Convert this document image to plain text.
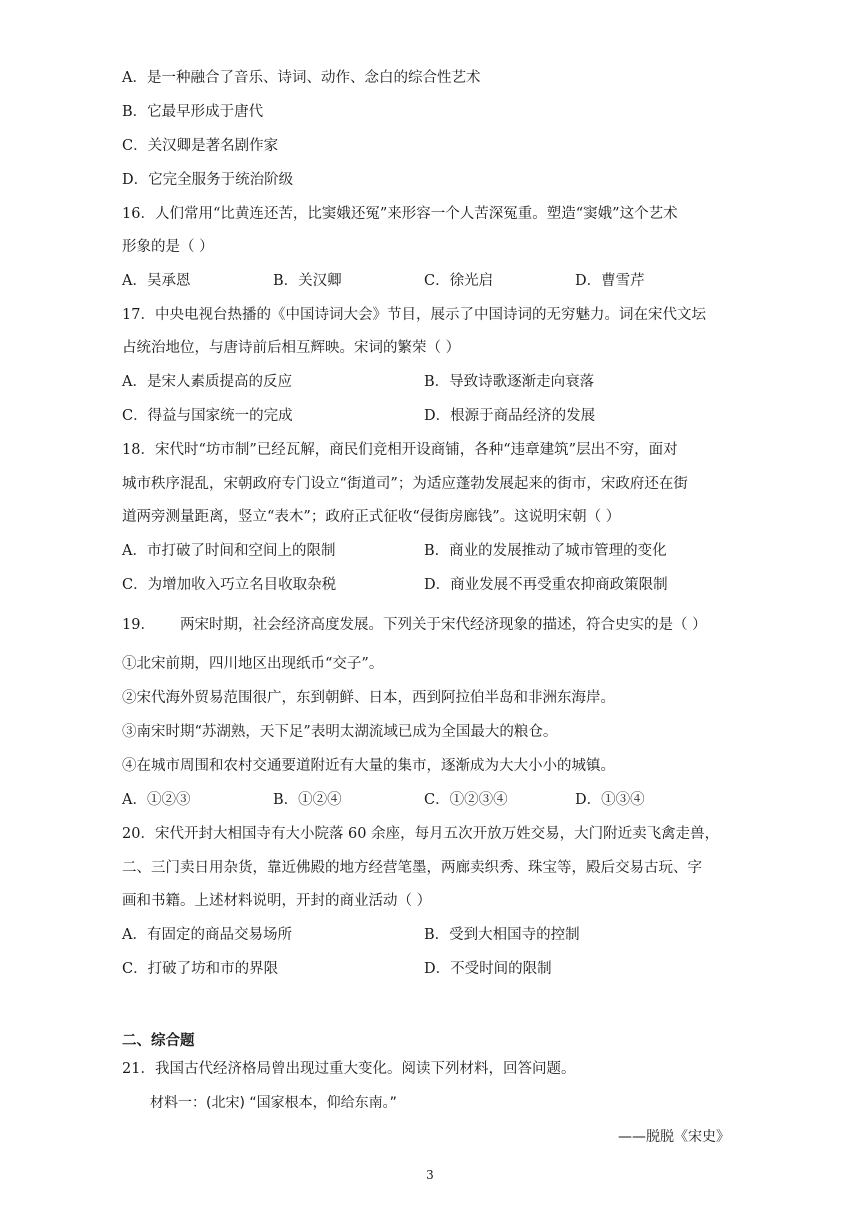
A．是一种融合了音乐、诗词、动作、念白的综合性艺术
B．它最早形成于唐代
C．关汉卿是著名剧作家
D．它完全服务于统治阶级
16．人们常用“比黄连还苦，比窦娥还冤”来形容一个人苦深冤重。塑造“窦娥”这个艺术
形象的是（ ）
A．吴承恩	B．关汉卿	C．徐光启	D．曹雪芹
17．中央电视台热播的《中国诗词大会》节目，展示了中国诗词的无穷魅力。词在宋代文坛
占统治地位，与唐诗前后相互辉映。宋词的繁荣（ ）
A．是宋人素质提高的反应	B．导致诗歌逐渐走向衰落
C．得益与国家统一的完成	D．根源于商品经济的发展
18．宋代时“坊市制”已经瓦解，商民们竞相开设商铺，各种“违章建筑”层出不穷，面对
城市秩序混乱，宋朝政府专门设立“街道司”；为适应蓬勃发展起来的街市，宋政府还在街
道两旁测量距离，竖立“表木”；政府正式征收“侵街房廊钱”。这说明宋朝（ ）
A．市打破了时间和空间上的限制	B．商业的发展推动了城市管理的变化
C．为增加收入巧立名目收取杂税	D．商业发展不再受重农抑商政策限制
19． 两宋时期，社会经济高度发展。下列关于宋代经济现象的描述，符合史实的是（ ）
①北宋前期，四川地区出现纸币“交子”。
②宋代海外贸易范围很广，东到朝鲜、日本，西到阿拉伯半岛和非洲东海岸。
③南宋时期“苏湖熟，天下足”表明太湖流域已成为全国最大的粮仓。
④在城市周围和农村交通要道附近有大量的集市，逐渐成为大大小小的城镇。
A．①②③	B．①②④	C．①②③④	D．①③④
20．宋代开封大相国寺有大小院落 60 余座，每月五次开放万姓交易，大门附近卖飞禽走兽，
二、三门卖日用杂货，靠近佛殿的地方经营笔墨，两廊卖织秀、珠宝等，殿后交易古玩、字
画和书籍。上述材料说明，开封的商业活动（ ）
A．有固定的商品交易场所	B．受到大相国寺的控制
C．打破了坊和市的界限	D．不受时间的限制
二、综合题
21．我国古代经济格局曾出现过重大变化。阅读下列材料，回答问题。
材料一：(北宋) “国家根本，仰给东南。”
——脱脱《宋史》
3
